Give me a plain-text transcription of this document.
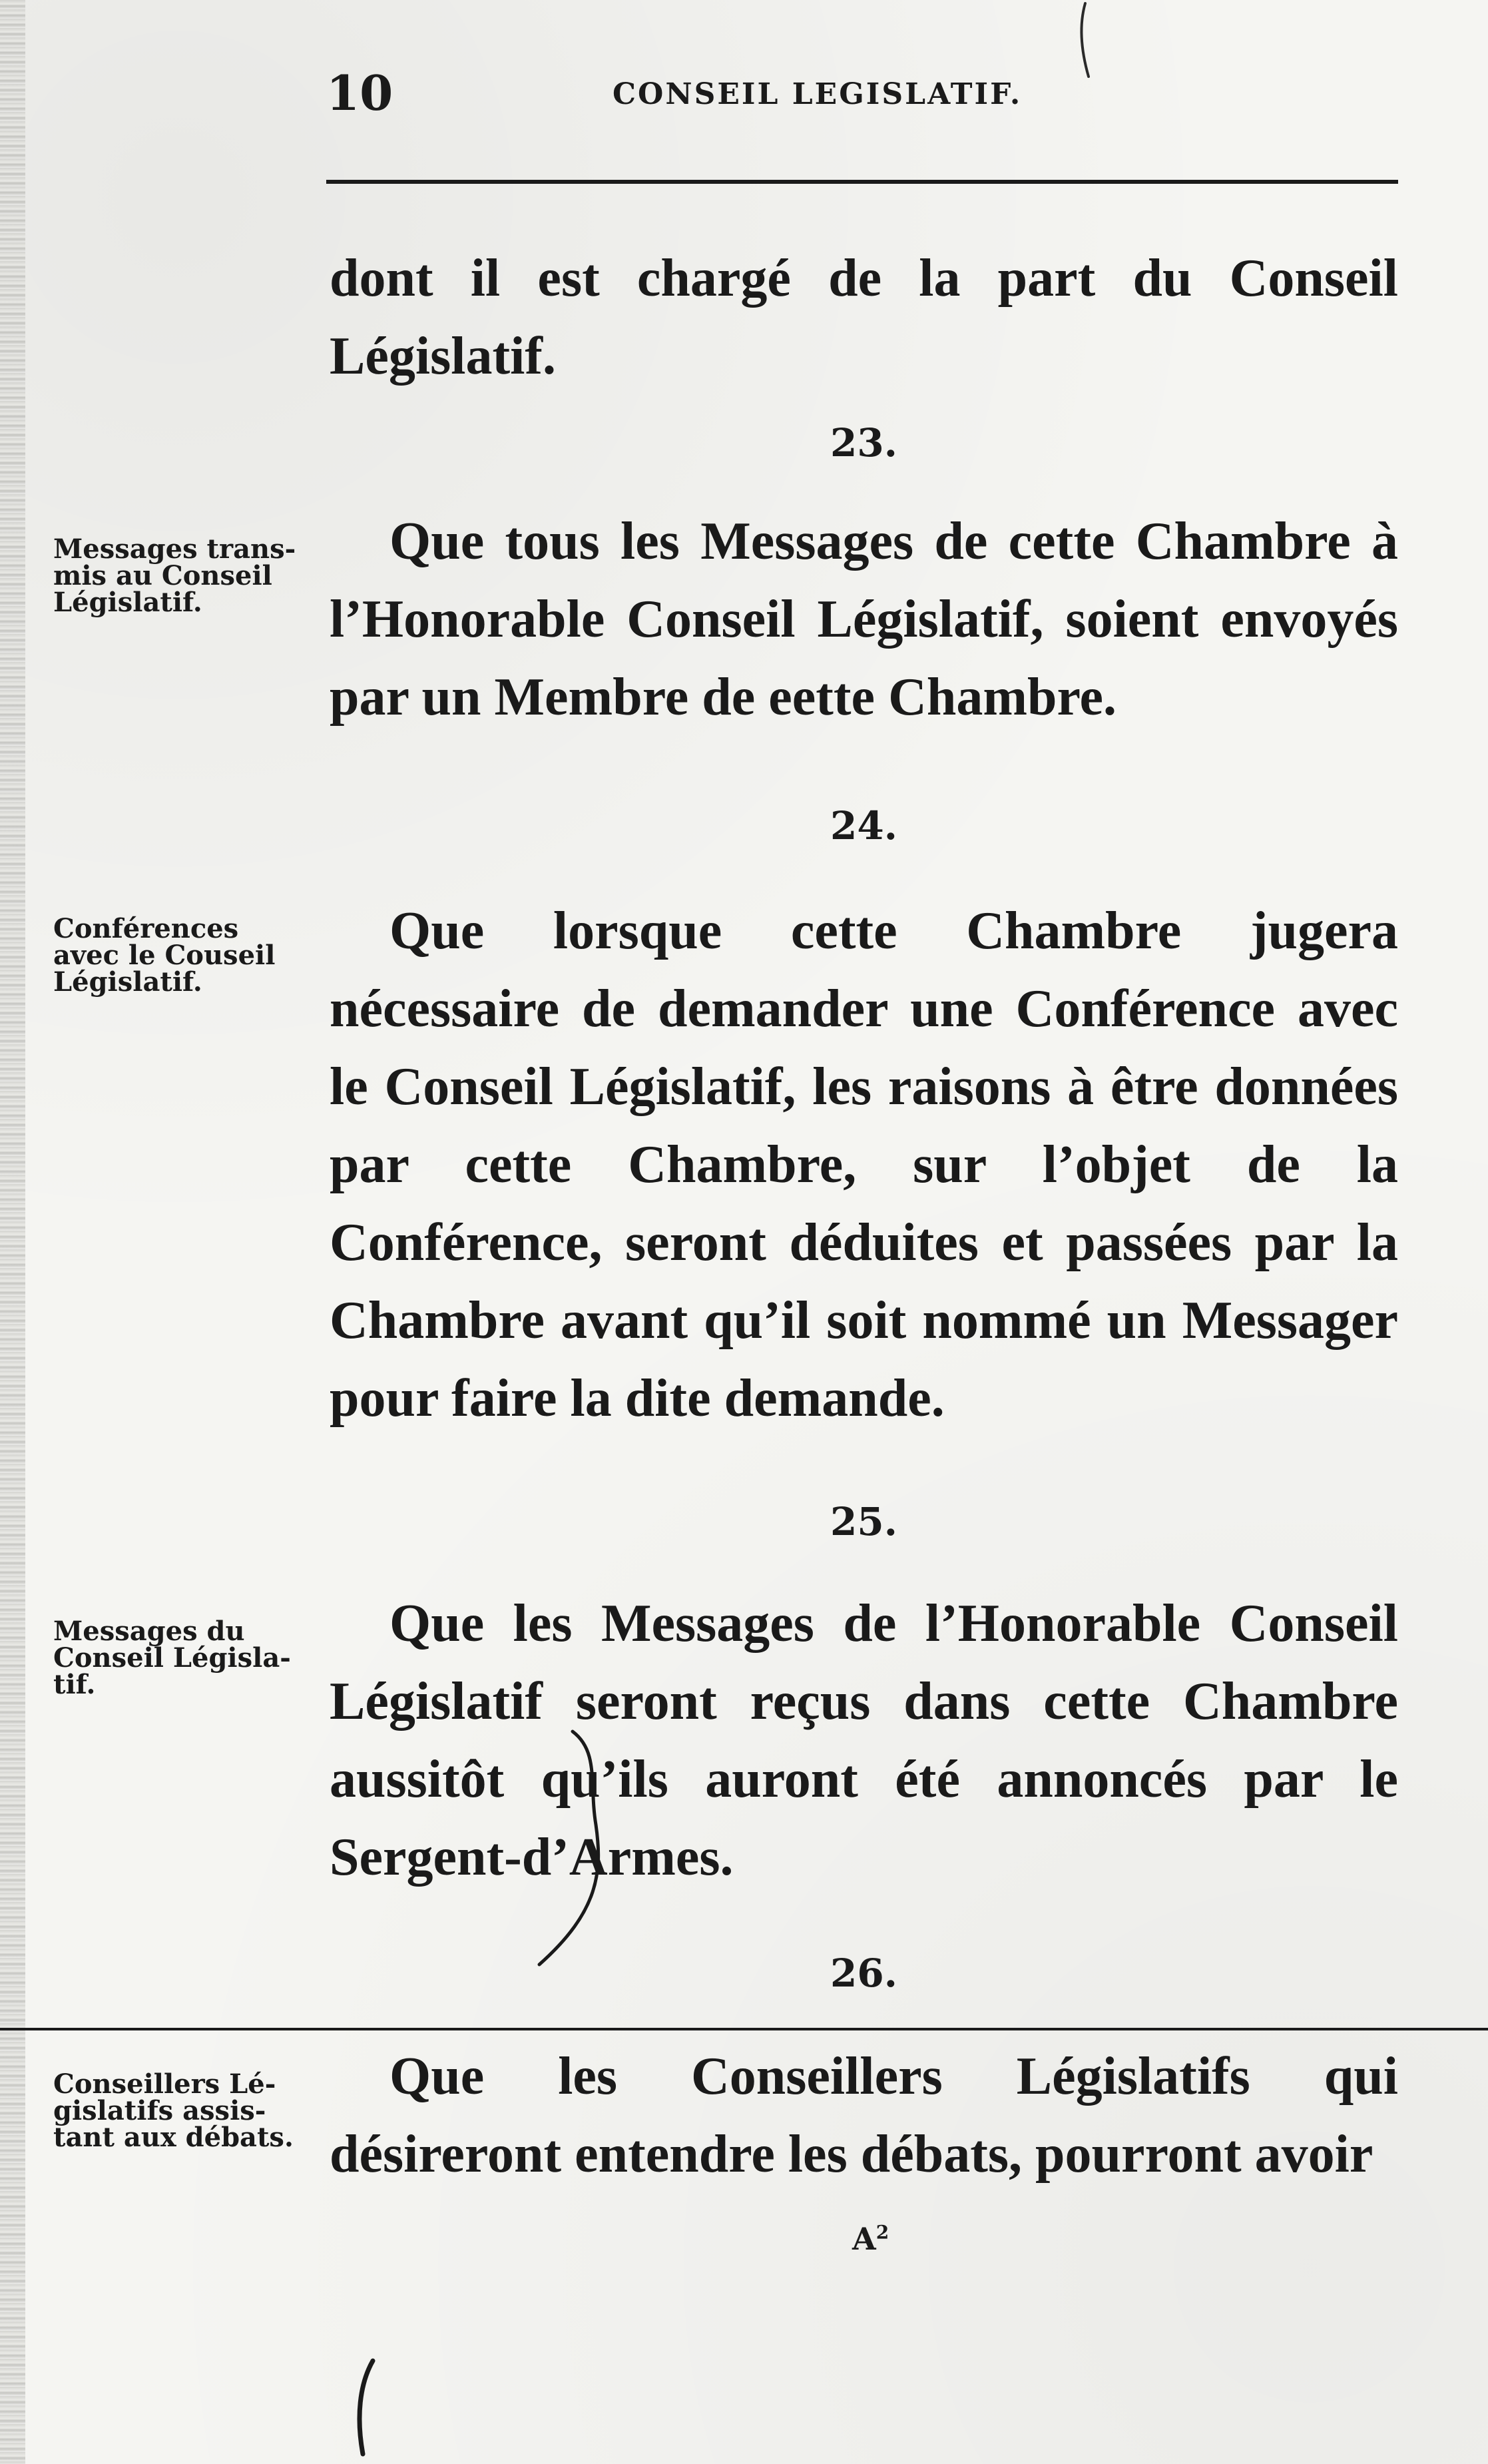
10	CONSEIL LEGISLATIF.

dont il est chargé de la part du Conseil Législatif.

23.
Messages trans-
mis au Conseil
Législatif.

Que tous les Messages de cette Chambre à l’Honorable Conseil Législatif, soient envoyés par un Membre de eette Chambre.

24.
Conférences
avec le Couseil
Législatif.

Que lorsque cette Chambre jugera nécessaire de demander une Conférence avec le Conseil Législatif, les raisons à être données par cette Chambre, sur l’objet de la Conférence, seront déduites et passées par la Chambre avant qu’il soit nommé un Messager pour faire la dite demande.

25.
Messages du
Conseil Législa-
tif.

Que les Messages de l’Honorable Conseil Législatif seront reçus dans cette Chambre aussitôt qu’ils auront été annoncés par le Sergent-d’Armes.

26.
Conseillers Lé-
gislatifs assis-
tant aux débats.

Que les Conseillers Législatifs qui désireront entendre les débats, pourront avoir

$A^2$
